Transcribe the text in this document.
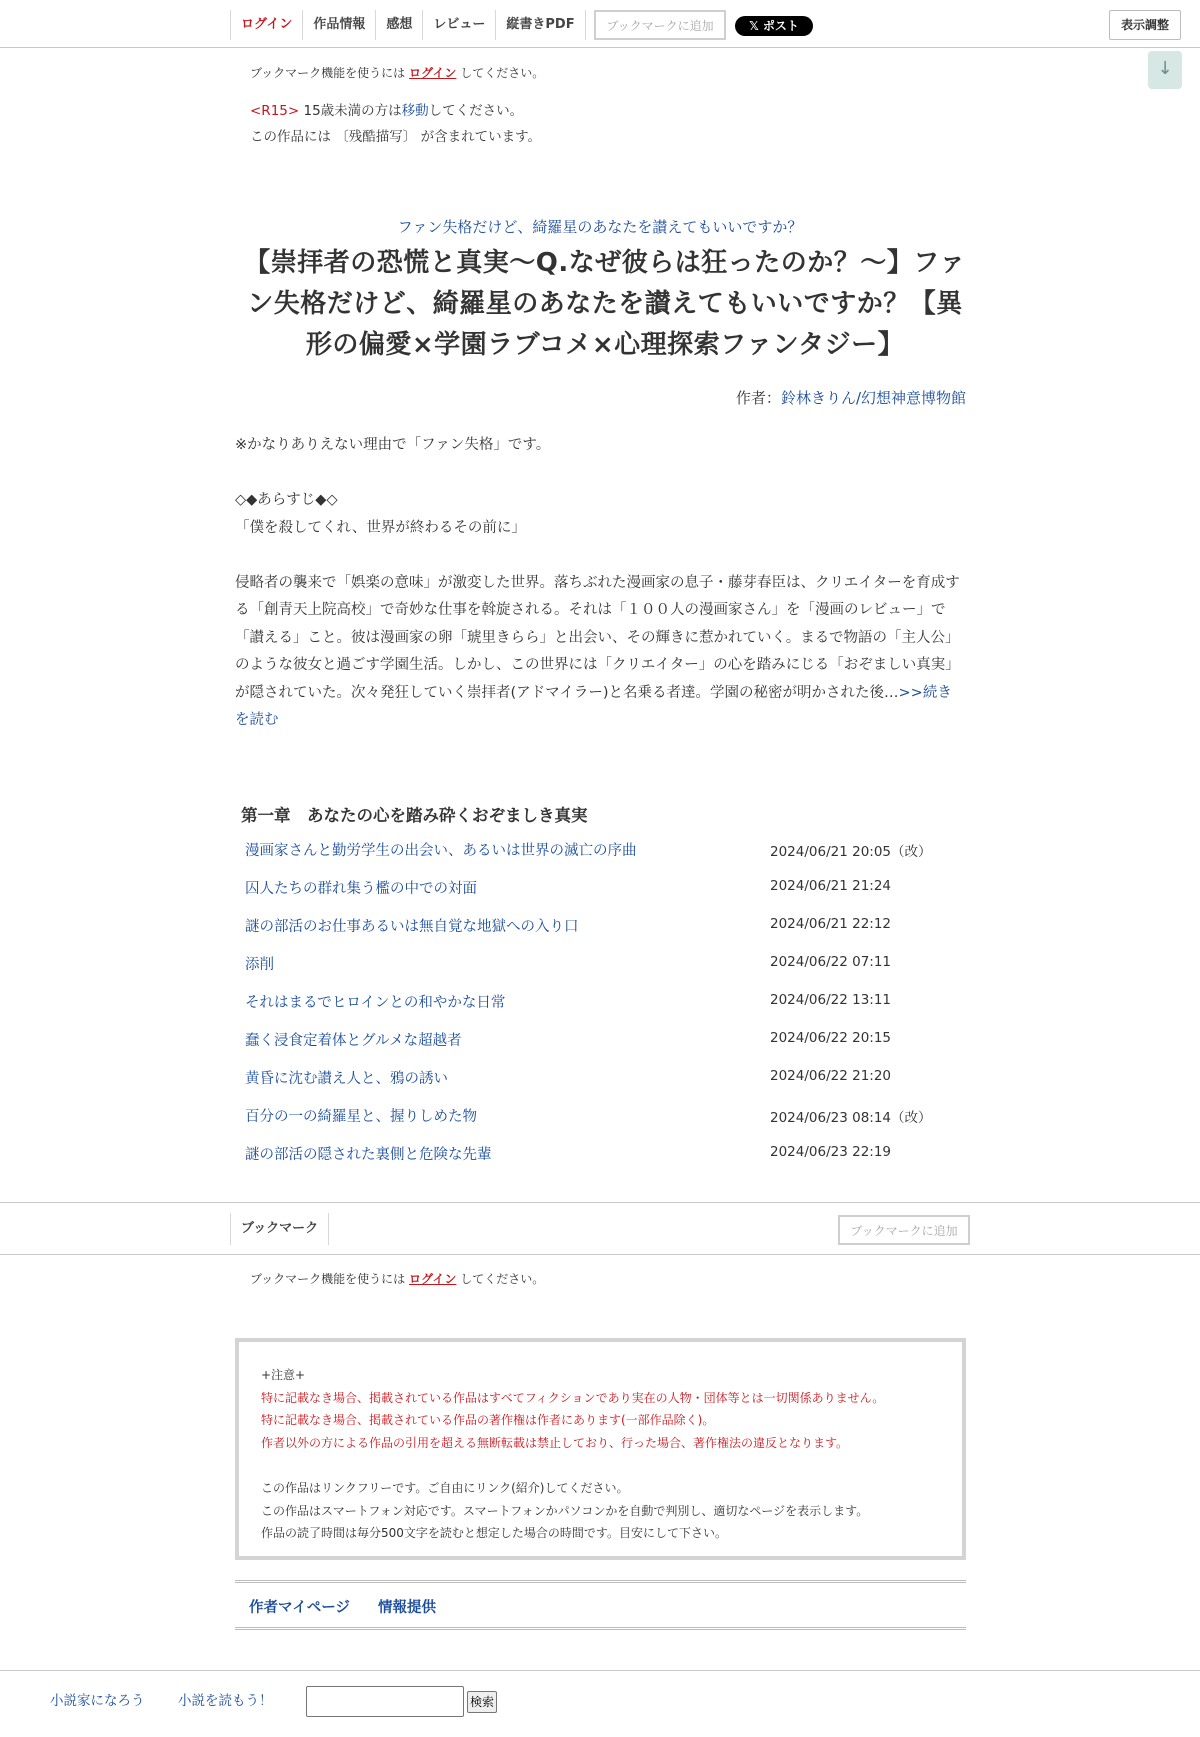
ログイン	作品情報	感想	レビュー	縦書きPDF	ブックマークに追加	𝕏 ポスト	表示調整
↓
ブックマーク機能を使うには ログイン してください。
<R15> 15歳未満の方は移動してください。
この作品には 〔残酷描写〕 が含まれています。
ファン失格だけど、綺羅星のあなたを讃えてもいいですか？
【崇拝者の恐慌と真実〜Q.なぜ彼らは狂ったのか？〜】ファン失格だけど、綺羅星のあなたを讃えてもいいですか？【異形の偏愛×学園ラブコメ×心理探索ファンタジー】
作者：鈴林きりん/幻想神意博物館

※かなりありえない理由で「ファン失格」です。

◇◆あらすじ◆◇

「僕を殺してくれ、世界が終わるその前に」

侵略者の襲来で「娯楽の意味」が激変した世界。落ちぶれた漫画家の息子・藤芽春臣は、クリエイターを育成する「創青天上院高校」で奇妙な仕事を斡旋される。それは「１００人の漫画家さん」を「漫画のレビュー」で「讃える」こと。彼は漫画家の卵「琥里きらら」と出会い、その輝きに惹かれていく。まるで物語の「主人公」のような彼女と過ごす学園生活。しかし、この世界には「クリエイター」の心を踏みにじる「おぞましい真実」が隠されていた。次々発狂していく崇拝者(アドマイラー)と名乗る者達。学園の秘密が明かされた後…>>続きを読む

第一章　あなたの心を踏み砕くおぞましき真実
漫画家さんと勤労学生の出会い、あるいは世界の滅亡の序曲	2024/06/21 20:05（改）
囚人たちの群れ集う檻の中での対面	2024/06/21 21:24
謎の部活のお仕事あるいは無自覚な地獄への入り口	2024/06/21 22:12
添削	2024/06/22 07:11
それはまるでヒロインとの和やかな日常	2024/06/22 13:11
蠢く浸食定着体とグルメな超越者	2024/06/22 20:15
黄昏に沈む讃え人と、鴉の誘い	2024/06/22 21:20
百分の一の綺羅星と、握りしめた物	2024/06/23 08:14（改）
謎の部活の隠された裏側と危険な先輩	2024/06/23 22:19
ブックマーク	ブックマークに追加
ブックマーク機能を使うには ログイン してください。
+注意+
特に記載なき場合、掲載されている作品はすべてフィクションであり実在の人物・団体等とは一切関係ありません。
特に記載なき場合、掲載されている作品の著作権は作者にあります(一部作品除く)。
作者以外の方による作品の引用を超える無断転載は禁止しており、行った場合、著作権法の違反となります。
この作品はリンクフリーです。ご自由にリンク(紹介)してください。
この作品はスマートフォン対応です。スマートフォンかパソコンかを自動で判別し、適切なページを表示します。
作品の読了時間は毎分500文字を読むと想定した場合の時間です。目安にして下さい。
作者マイページ 情報提供
小説家になろう 小説を読もう！	検索
